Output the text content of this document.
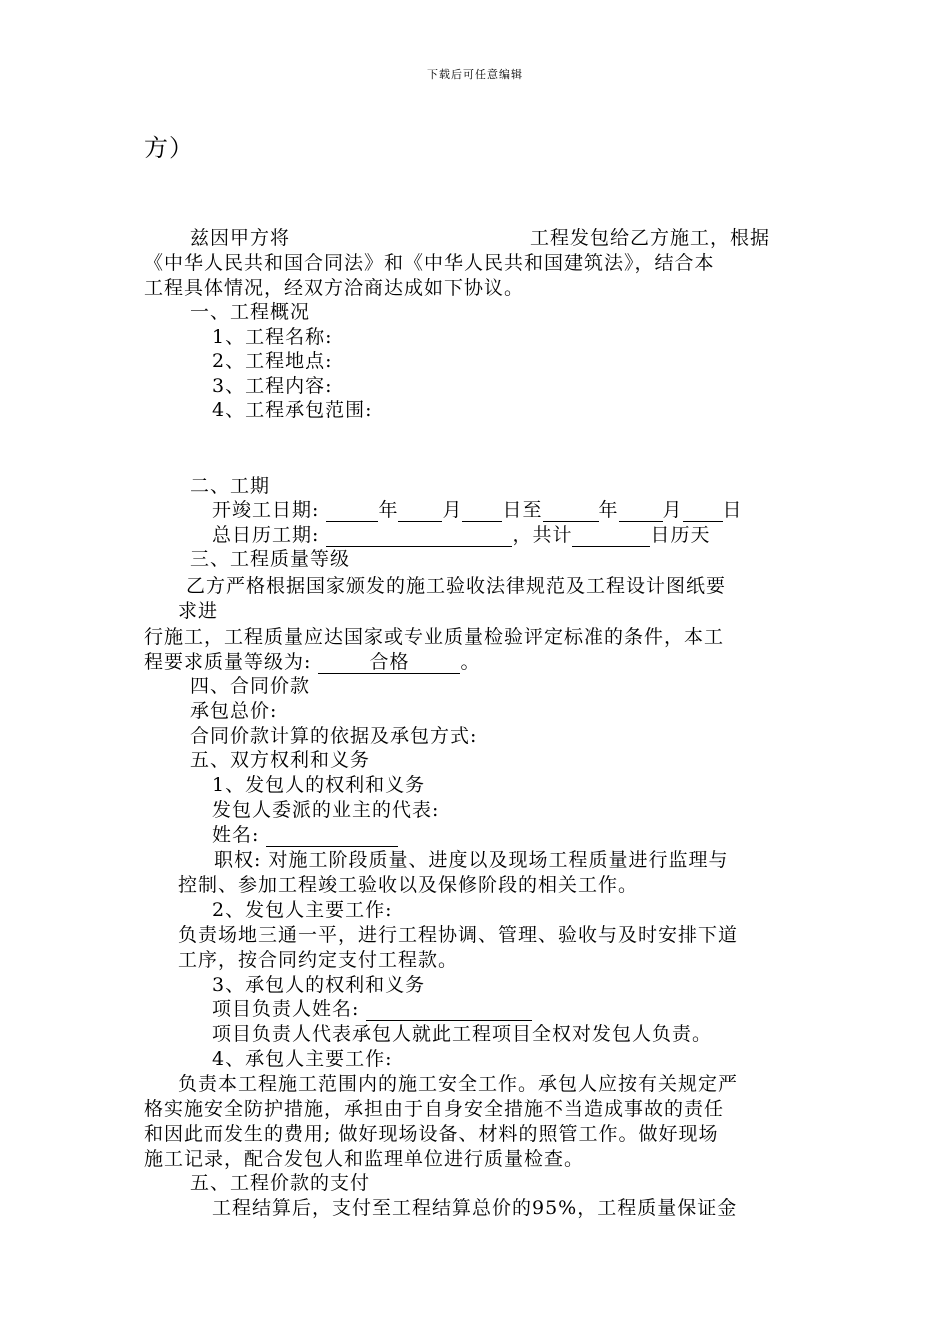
下载后可任意编辑
方）
兹因甲方将	工程发包给乙方施工，根据
《中华人民共和国合同法》和《中华人民共和国建筑法》，结合本
工程具体情况，经双方洽商达成如下协议。
一、工程概况
1、工程名称:
2、工程地点:
3、工程内容:
4、工程承包范围:
二、工期
开竣工日期:	年 月 日至	年 月 日
总日历工期:	，共计	日历天
三、工程质量等级
乙方严格根据国家颁发的施工验收法律规范及工程设计图纸要
求进
行施工，工程质量应达国家或专业质量检验评定标准的条件，本工
程要求质量等级为:	合格	。
四、合同价款
承包总价:
合同价款计算的依据及承包方式:
五、双方权利和义务
1、发包人的权利和义务
发包人委派的业主的代表:
姓名:
职权: 对施工阶段质量、进度以及现场工程质量进行监理与
控制、参加工程竣工验收以及保修阶段的相关工作。
2、发包人主要工作:
负责场地三通一平，进行工程协调、管理、验收与及时安排下道
工序，按合同约定支付工程款。
3、承包人的权利和义务
项目负责人姓名:
项目负责人代表承包人就此工程项目全权对发包人负责。
4、承包人主要工作:
负责本工程施工范围内的施工安全工作。承包人应按有关规定严
格实施安全防护措施，承担由于自身安全措施不当造成事故的责任
和因此而发生的费用; 做好现场设备、材料的照管工作。做好现场
施工记录，配合发包人和监理单位进行质量检查。
五、工程价款的支付
工程结算后，支付至工程结算总价的95%，工程质量保证金
